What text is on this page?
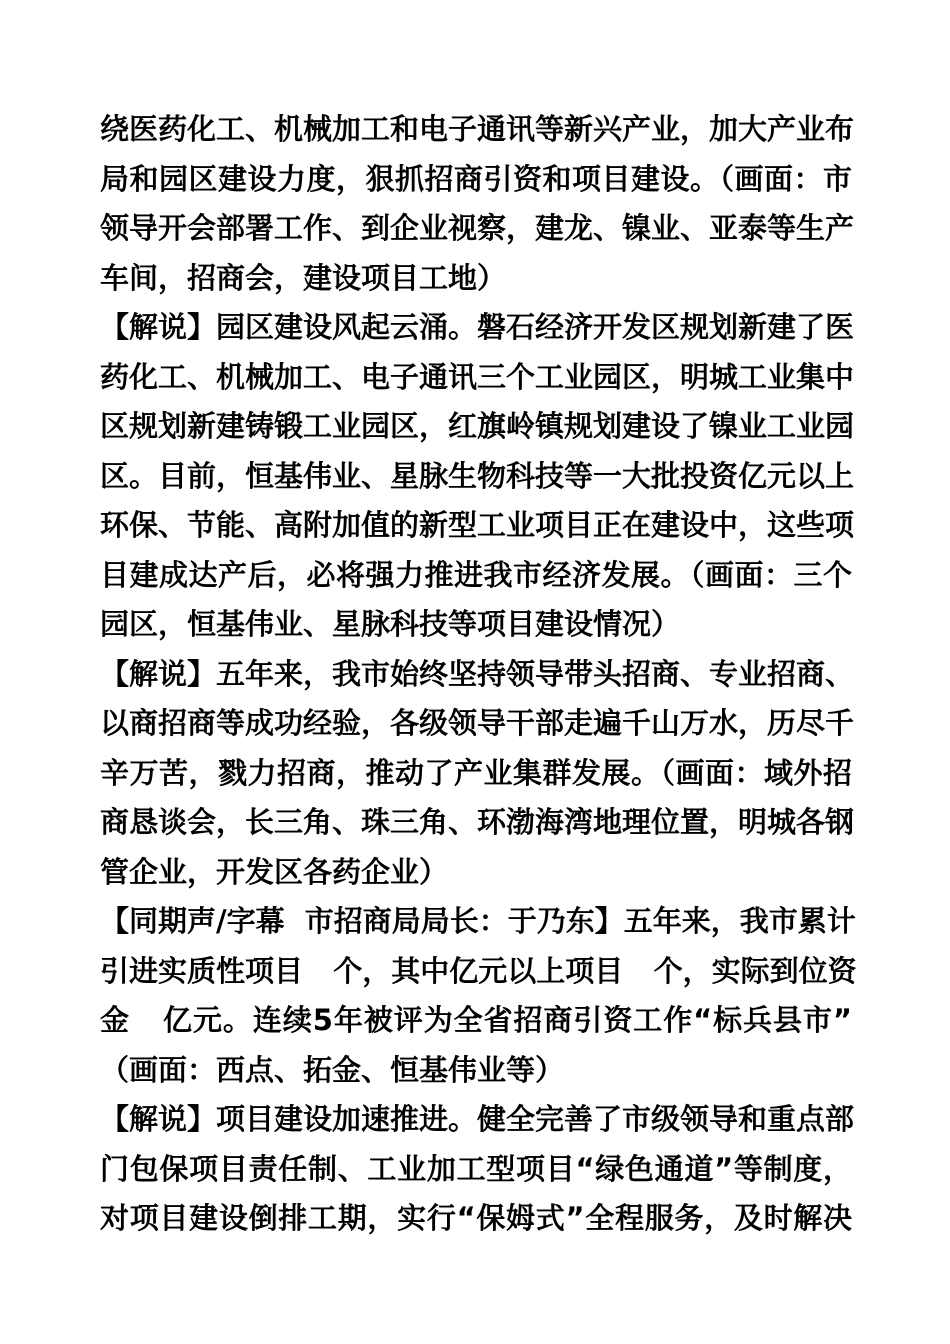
绕医药化工、机械加工和电子通讯等新兴产业，加大产业布
局和园区建设力度，狠抓招商引资和项目建设。（画面：市
领导开会部署工作、到企业视察，建龙、镍业、亚泰等生产
车间，招商会，建设项目工地）
【解说】园区建设风起云涌。磐石经济开发区规划新建了医
药化工、机械加工、电子通讯三个工业园区，明城工业集中
区规划新建铸锻工业园区，红旗岭镇规划建设了镍业工业园
区。目前，恒基伟业、星脉生物科技等一大批投资亿元以上
环保、节能、高附加值的新型工业项目正在建设中，这些项
目建成达产后，必将强力推进我市经济发展。（画面：三个
园区，恒基伟业、星脉科技等项目建设情况）
【解说】五年来，我市始终坚持领导带头招商、专业招商、
以商招商等成功经验，各级领导干部走遍千山万水，历尽千
辛万苦，戮力招商，推动了产业集群发展。（画面：域外招
商恳谈会，长三角、珠三角、环渤海湾地理位置，明城各钢
管企业，开发区各药企业）
【同期声/字幕  市招商局局长：于乃东】五年来，我市累计
引进实质性项目   个，其中亿元以上项目   个，实际到位资
金   亿元。连续5年被评为全省招商引资工作“标兵县市”
（画面：西点、拓金、恒基伟业等）
【解说】项目建设加速推进。健全完善了市级领导和重点部
门包保项目责任制、工业加工型项目“绿色通道”等制度，
对项目建设倒排工期，实行“保姆式”全程服务，及时解决
